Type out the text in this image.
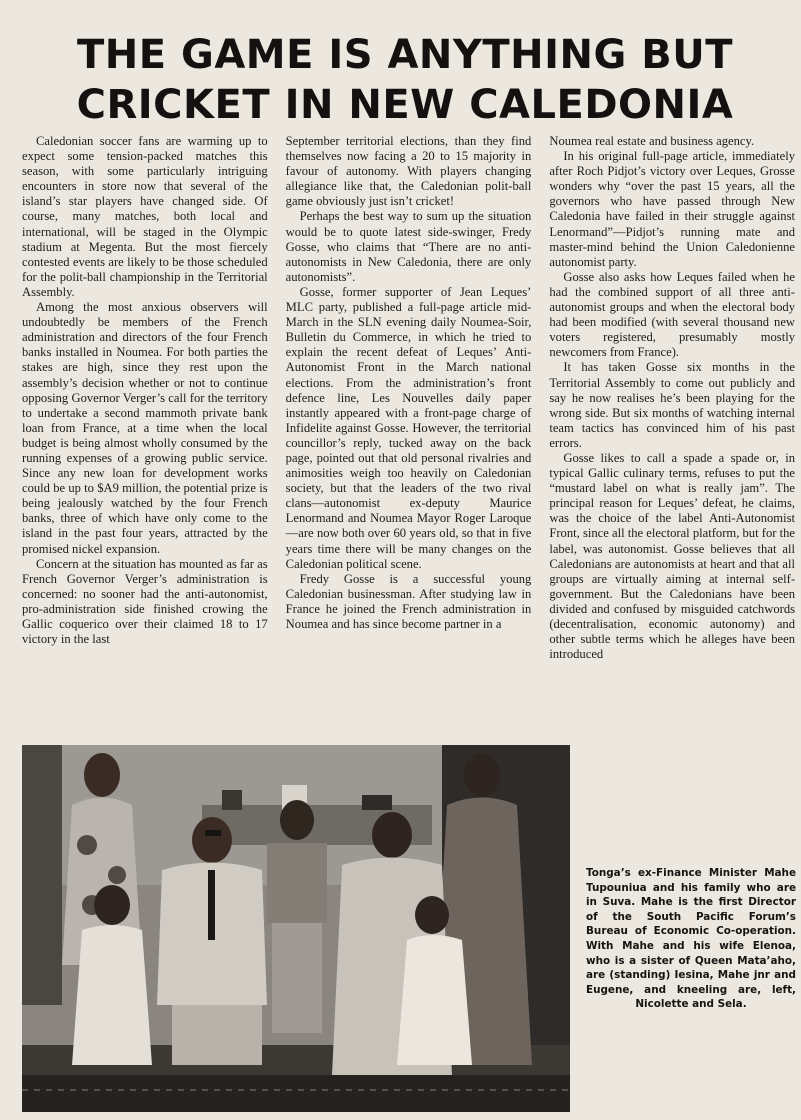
THE GAME IS ANYTHING BUT
CRICKET IN NEW CALEDONIA

Caledonian soccer fans are warming up to expect some tension-packed matches this season, with some particularly intriguing encounters in store now that several of the island’s star players have changed side. Of course, many matches, both local and international, will be staged in the Olympic stadium at Megenta. But the most fiercely contested events are likely to be those scheduled for the polit-ball championship in the Territorial Assembly.

Among the most anxious observers will undoubtedly be members of the French administration and directors of the four French banks installed in Noumea. For both parties the stakes are high, since they rest upon the assembly’s decision whether or not to continue opposing Governor Verger’s call for the territory to undertake a second mammoth private bank loan from France, at a time when the local budget is being almost wholly consumed by the running expenses of a growing public service. Since any new loan for development works could be up to $A9 million, the potential prize is being jealously watched by the four French banks, three of which have only come to the island in the past four years, attracted by the promised nickel expansion.

Concern at the situation has mounted as far as French Governor Verger’s administration is concerned: no sooner had the anti-autonomist, pro-administration side finished crowing the Gallic coquerico over their claimed 18 to 17 victory in the last

September territorial elections, than they find themselves now facing a 20 to 15 majority in favour of autonomy. With players changing allegiance like that, the Caledonian polit-ball game obviously just isn’t cricket!

Perhaps the best way to sum up the situation would be to quote latest side-swinger, Fredy Gosse, who claims that “There are no anti-autonomists in New Caledonia, there are only autonomists”.

Gosse, former supporter of Jean Leques’ MLC party, published a full-page article mid-March in the SLN evening daily Noumea-Soir, Bulletin du Commerce, in which he tried to explain the recent defeat of Leques’ Anti-Autonomist Front in the March national elections. From the administration’s front defence line, Les Nouvelles daily paper instantly appeared with a front-page charge of Infidelite against Gosse. However, the territorial councillor’s reply, tucked away on the back page, pointed out that old personal rivalries and animosities weigh too heavily on Caledonian society, but that the leaders of the two rival clans—autonomist ex-deputy Maurice Lenormand and Noumea Mayor Roger Laroque—are now both over 60 years old, so that in five years time there will be many changes on the Caledonian political scene.

Fredy Gosse is a successful young Caledonian businessman. After studying law in France he joined the French administration in Noumea and has since become partner in a

Noumea real estate and business agency.

In his original full-page article, immediately after Roch Pidjot’s victory over Leques, Grosse wonders why “over the past 15 years, all the governors who have passed through New Caledonia have failed in their struggle against Lenormand”—Pidjot’s running mate and master-mind behind the Union Caledonienne autonomist party.

Gosse also asks how Leques failed when he had the combined support of all three anti-autonomist groups and when the electoral body had been modified (with several thousand new voters registered, presumably mostly newcomers from France).

It has taken Gosse six months in the Territorial Assembly to come out publicly and say he now realises he’s been playing for the wrong side. But six months of watching internal team tactics has convinced him of his past errors.

Gosse likes to call a spade a spade or, in typical Gallic culinary terms, refuses to put the “mustard label on what is really jam”. The principal reason for Leques’ defeat, he claims, was the choice of the label Anti-Autonomist Front, since all the electoral platform, but for the label, was autonomist. Gosse believes that all Caledonians are autonomists at heart and that all groups are virtually aiming at internal self-government. But the Caledonians have been divided and confused by misguided catchwords (decentralisation, economic autonomy) and other subtle terms which he alleges have been introduced

Tonga’s ex-Finance Minister Mahe Tupouniua and his family who are in Suva. Mahe is the first Director of the South Pacific Forum’s Bureau of Economic Co-operation. With Mahe and his wife Elenoa, who is a sister of Queen Mata’aho, are (standing) Iesina, Mahe jnr and Eugene, and kneeling are, left, Nicolette and Sela.
